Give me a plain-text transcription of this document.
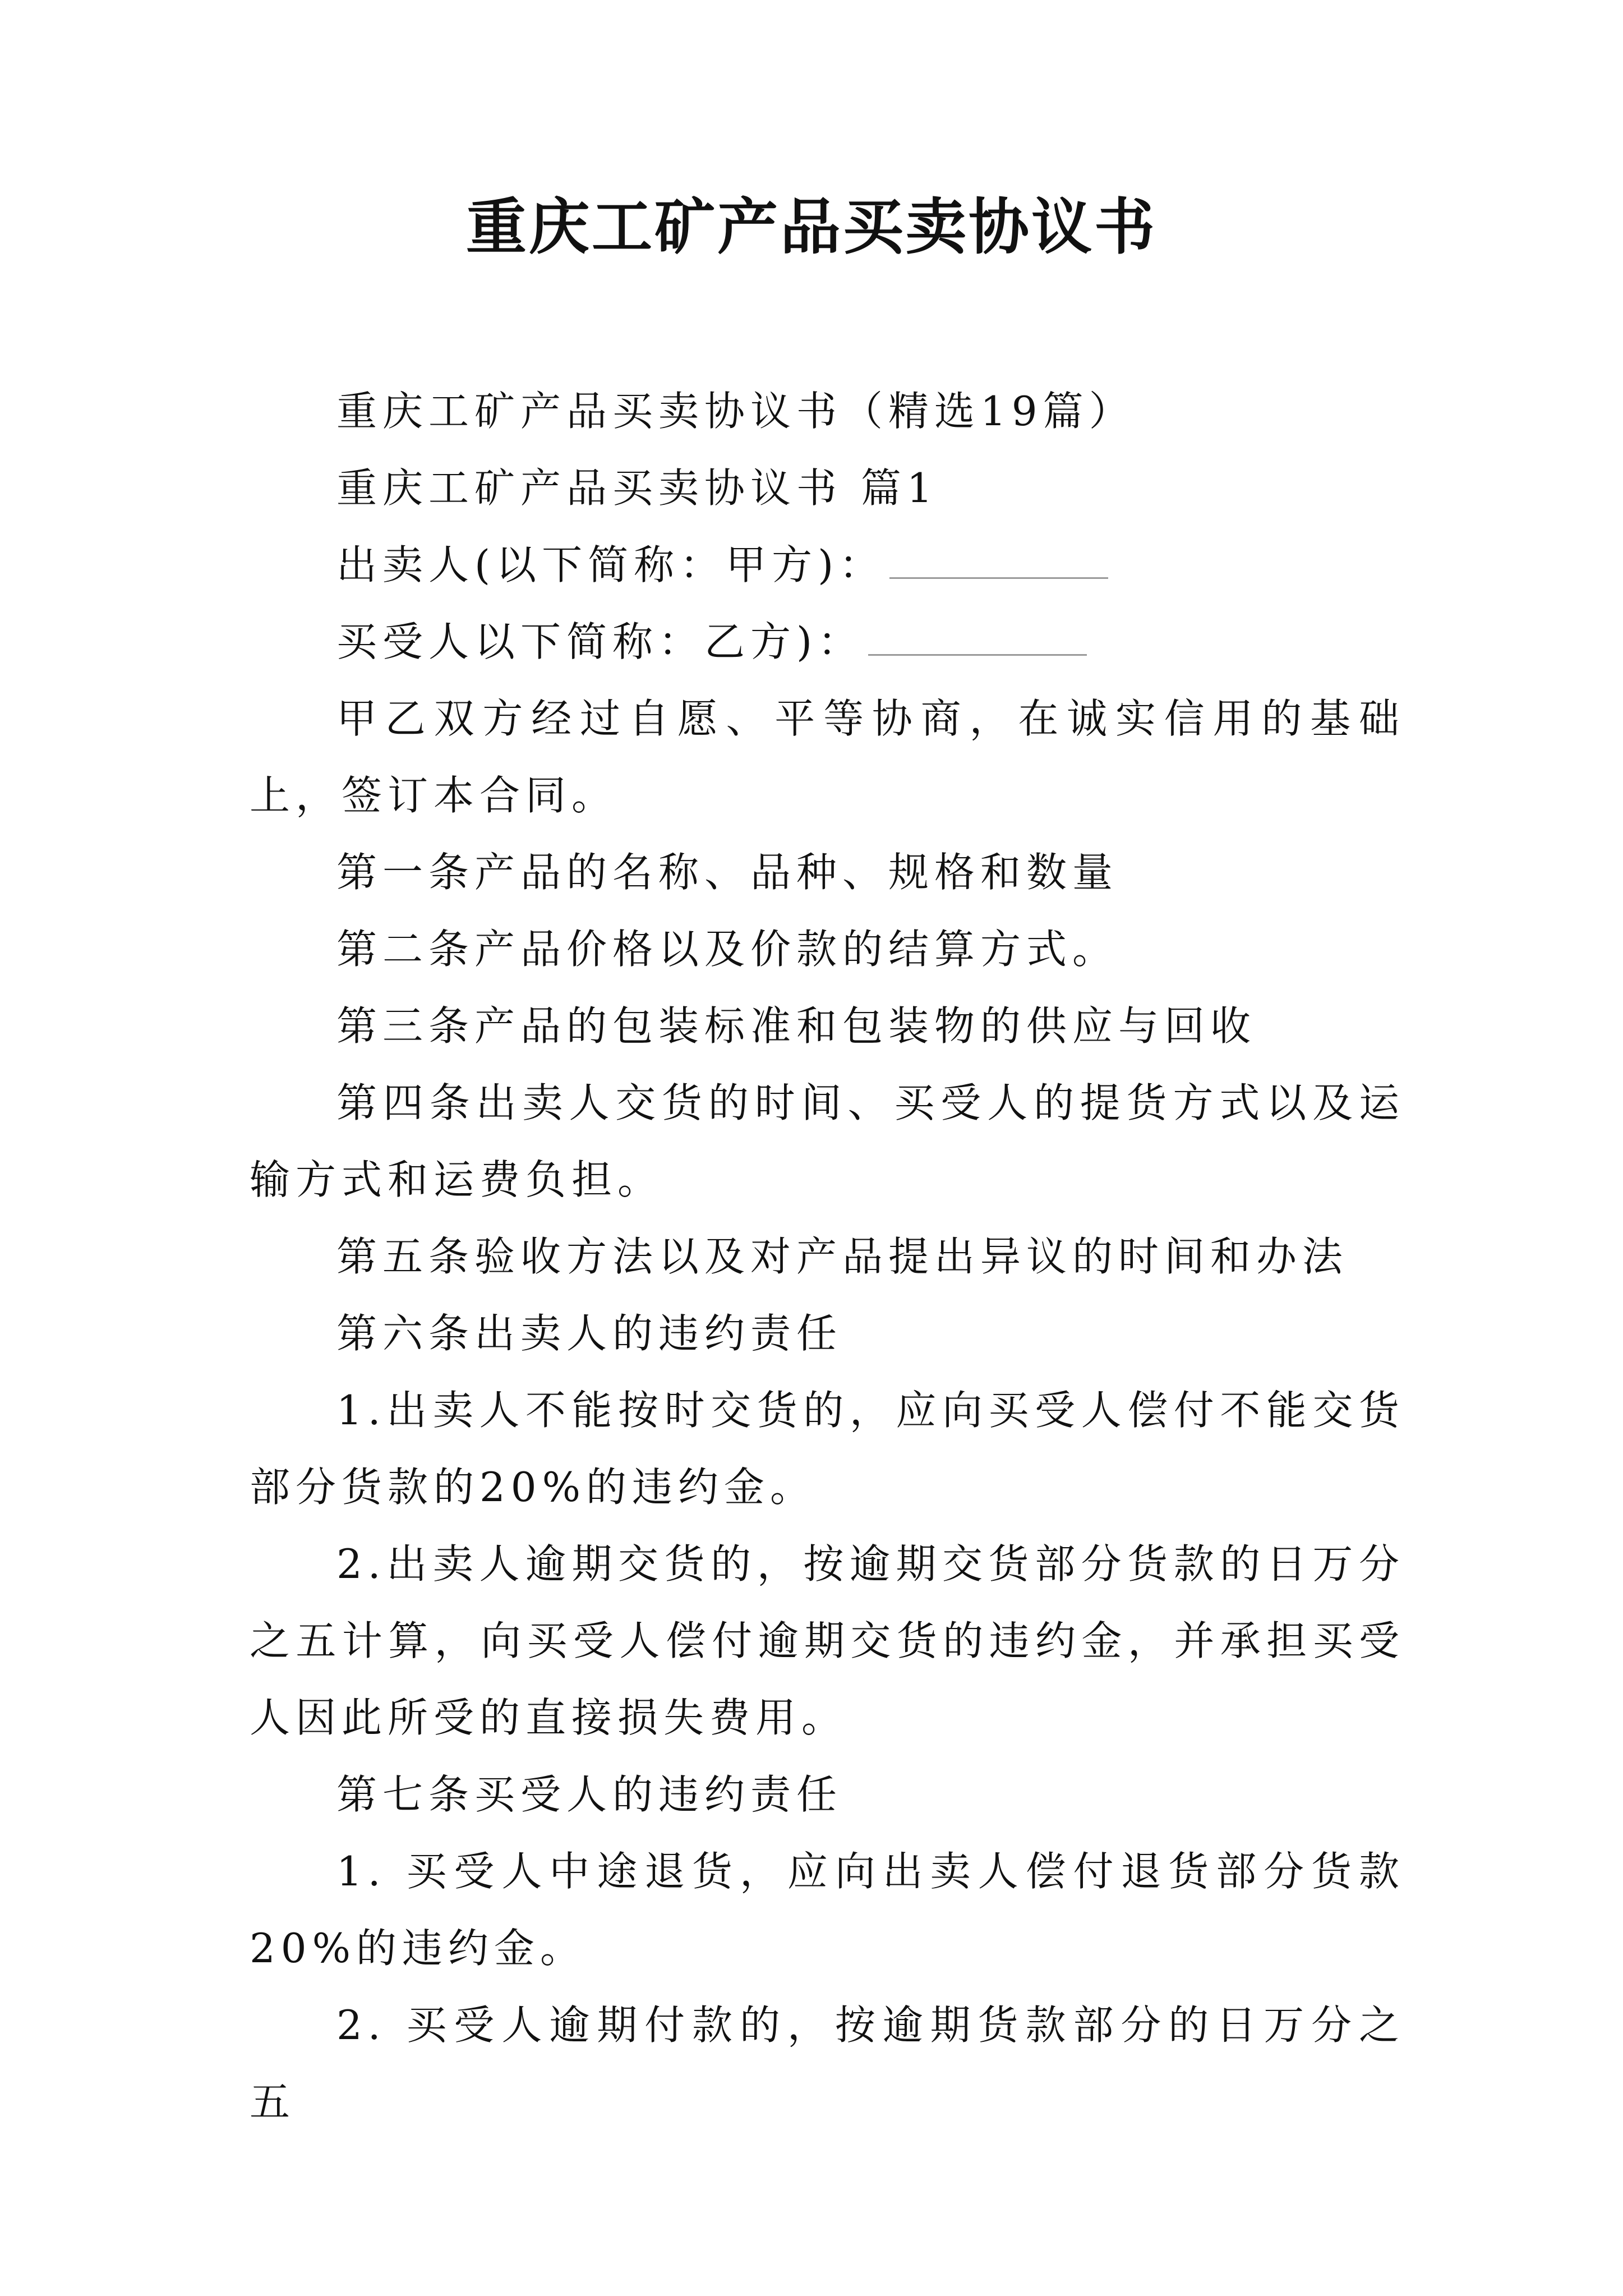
重庆工矿产品买卖协议书

重庆工矿产品买卖协议书（精选19篇）

重庆工矿产品买卖协议书 篇1

出卖人(以下简称：甲方)：

买受人以下简称：乙方)：

甲乙双方经过自愿、平等协商，在诚实信用的基础上，签订本合同。

第一条产品的名称、品种、规格和数量

第二条产品价格以及价款的结算方式。

第三条产品的包装标准和包装物的供应与回收

第四条出卖人交货的时间、买受人的提货方式以及运输方式和运费负担。

第五条验收方法以及对产品提出异议的时间和办法

第六条出卖人的违约责任

1.出卖人不能按时交货的，应向买受人偿付不能交货部分货款的20%的违约金。

2.出卖人逾期交货的，按逾期交货部分货款的日万分之五计算，向买受人偿付逾期交货的违约金，并承担买受人因此所受的直接损失费用。

第七条买受人的违约责任

1. 买受人中途退货，应向出卖人偿付退货部分货款20%的违约金。

2. 买受人逾期付款的，按逾期货款部分的日万分之五
